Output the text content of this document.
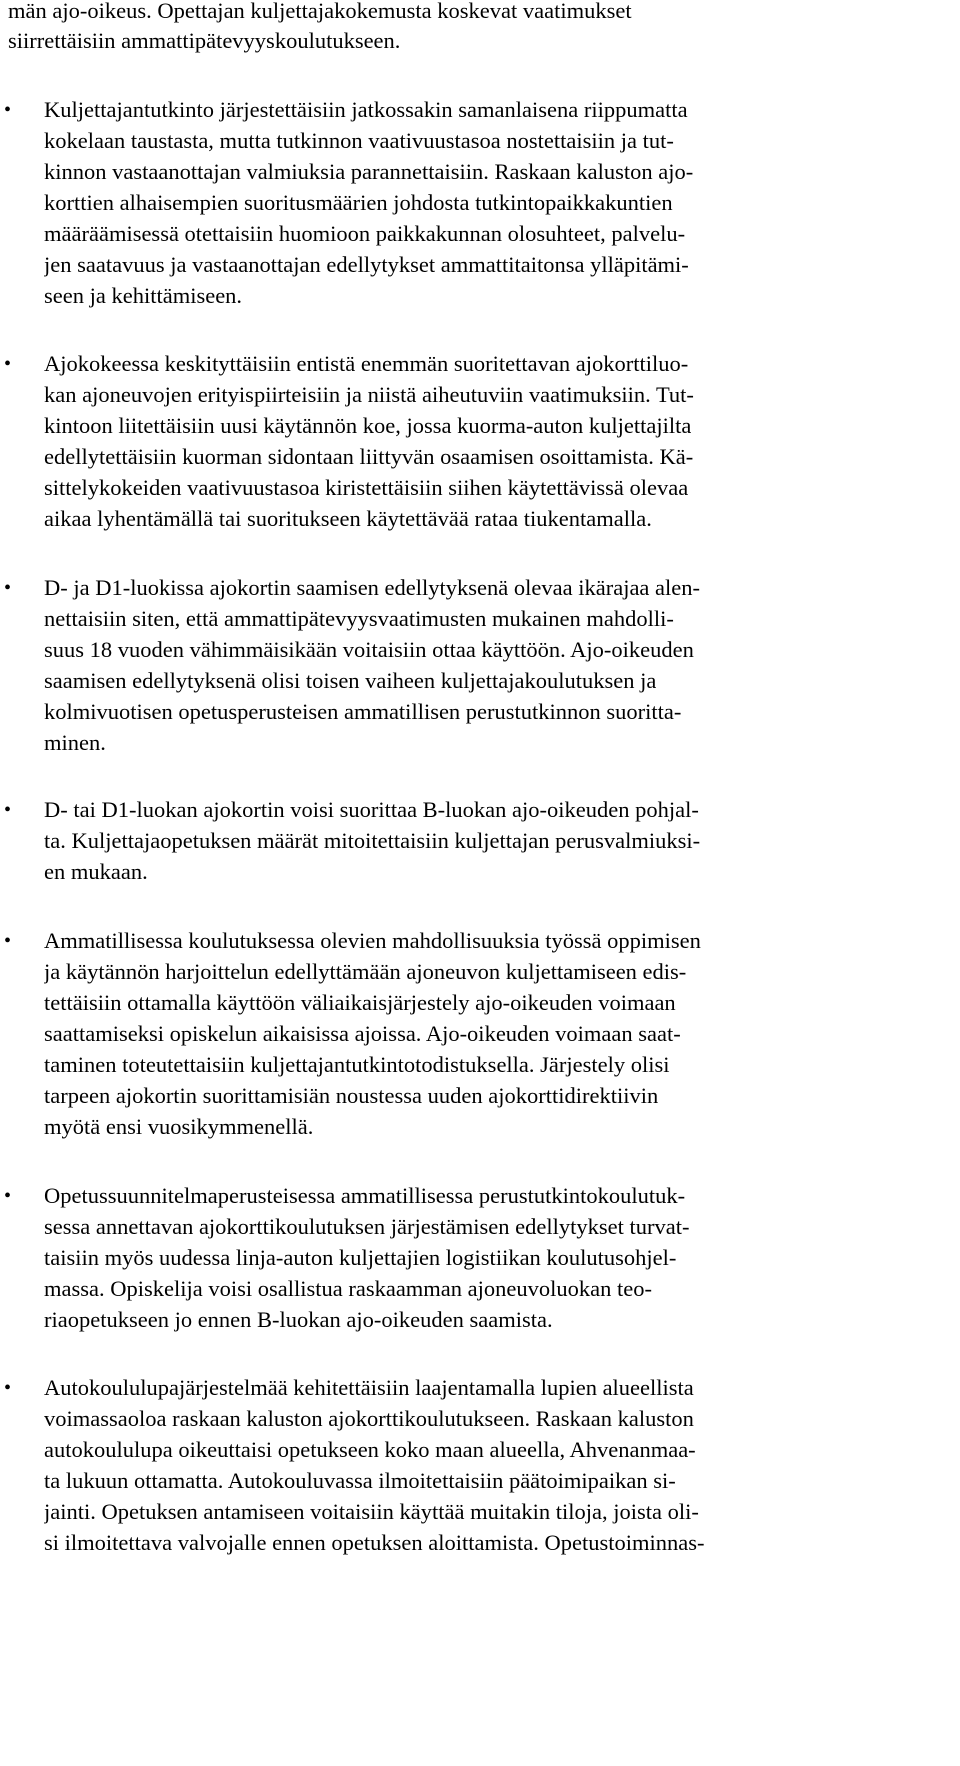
män ajo-oikeus. Opettajan kuljettajakokemusta koskevat vaatimukset

siirrettäisiin ammattipätevyyskoulutukseen.

• Kuljettajantutkinto järjestettäisiin jatkossakin samanlaisena riippumatta

kokelaan taustasta, mutta tutkinnon vaativuustasoa nostettaisiin ja tut-

kinnon vastaanottajan valmiuksia parannettaisiin. Raskaan kaluston ajo-

korttien alhaisempien suoritusmäärien johdosta tutkintopaikkakuntien

määräämisessä otettaisiin huomioon paikkakunnan olosuhteet, palvelu-

jen saatavuus ja vastaanottajan edellytykset ammattitaitonsa ylläpitämi-

seen ja kehittämiseen.

• Ajokokeessa keskityttäisiin entistä enemmän suoritettavan ajokorttiluo-

kan ajoneuvojen erityispiirteisiin ja niistä aiheutuviin vaatimuksiin. Tut-

kintoon liitettäisiin uusi käytännön koe, jossa kuorma-auton kuljettajilta

edellytettäisiin kuorman sidontaan liittyvän osaamisen osoittamista. Kä-

sittelykokeiden vaativuustasoa kiristettäisiin siihen käytettävissä olevaa

aikaa lyhentämällä tai suoritukseen käytettävää rataa tiukentamalla.

• D- ja D1-luokissa ajokortin saamisen edellytyksenä olevaa ikärajaa alen-

nettaisiin siten, että ammattipätevyysvaatimusten mukainen mahdolli-

suus 18 vuoden vähimmäisikään voitaisiin ottaa käyttöön. Ajo-oikeuden

saamisen edellytyksenä olisi toisen vaiheen kuljettajakoulutuksen ja

kolmivuotisen opetusperusteisen ammatillisen perustutkinnon suoritta-

minen.

• D- tai D1-luokan ajokortin voisi suorittaa B-luokan ajo-oikeuden pohjal-

ta. Kuljettajaopetuksen määrät mitoitettaisiin kuljettajan perusvalmiuksi-

en mukaan.

• Ammatillisessa koulutuksessa olevien mahdollisuuksia työssä oppimisen

ja käytännön harjoittelun edellyttämään ajoneuvon kuljettamiseen edis-

tettäisiin ottamalla käyttöön väliaikaisjärjestely ajo-oikeuden voimaan

saattamiseksi opiskelun aikaisissa ajoissa. Ajo-oikeuden voimaan saat-

taminen toteutettaisiin kuljettajantutkintotodistuksella. Järjestely olisi

tarpeen ajokortin suorittamisiän noustessa uuden ajokorttidirektiivin

myötä ensi vuosikymmenellä.

• Opetussuunnitelmaperusteisessa ammatillisessa perustutkintokoulutuk-

sessa annettavan ajokorttikoulutuksen järjestämisen edellytykset turvat-

taisiin myös uudessa linja-auton kuljettajien logistiikan koulutusohjel-

massa. Opiskelija voisi osallistua raskaamman ajoneuvoluokan teo-

riaopetukseen jo ennen B-luokan ajo-oikeuden saamista.

• Autokoululupajärjestelmää kehitettäisiin laajentamalla lupien alueellista

voimassaoloa raskaan kaluston ajokorttikoulutukseen. Raskaan kaluston

autokoululupa oikeuttaisi opetukseen koko maan alueella, Ahvenanmaa-

ta lukuun ottamatta. Autokouluvassa ilmoitettaisiin päätoimipaikan si-

jainti. Opetuksen antamiseen voitaisiin käyttää muitakin tiloja, joista oli-

si ilmoitettava valvojalle ennen opetuksen aloittamista. Opetustoiminnas-
